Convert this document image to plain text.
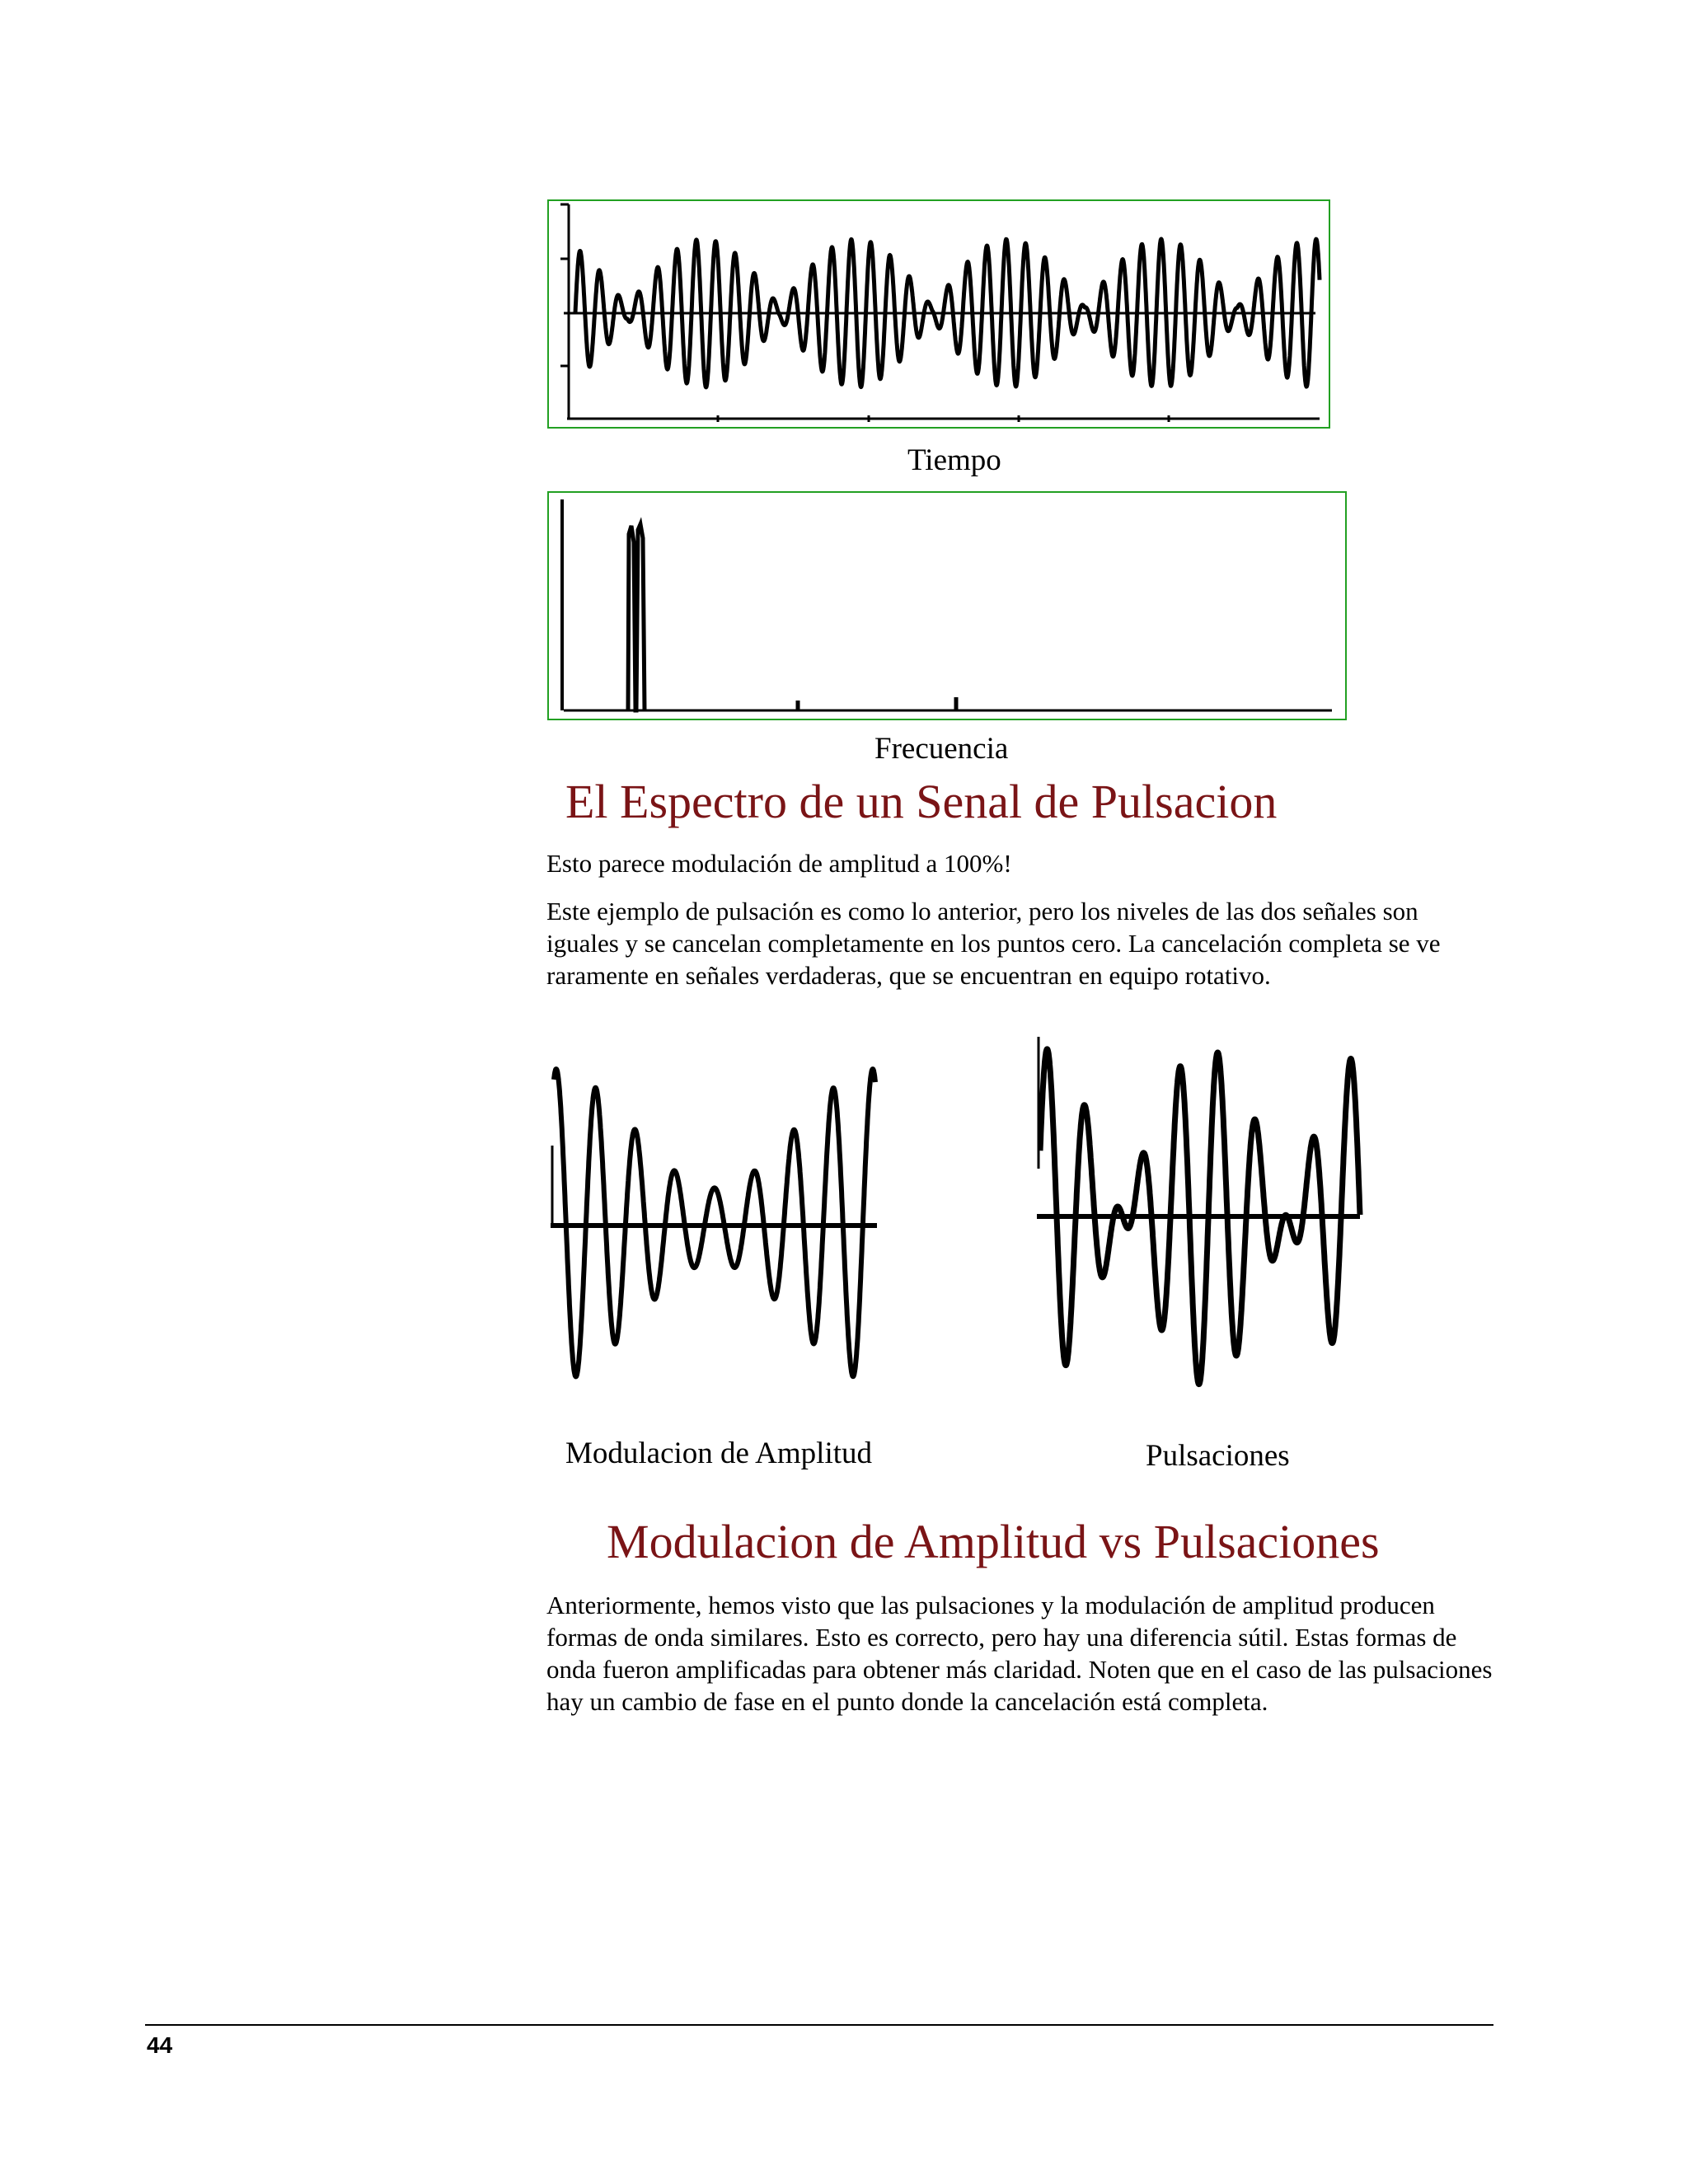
Tiempo
Frecuencia
El Espectro de un Senal de Pulsacion

Esto parece modulación de amplitud a 100%!

Este ejemplo de pulsación es como lo anterior, pero los niveles de las dos señales son iguales y se cancelan completamente en los puntos cero. La cancelación completa se ve raramente en señales verdaderas, que se encuentran en equipo rotativo.

Modulacion de Amplitud	Pulsaciones
Modulacion de Amplitud vs Pulsaciones

Anteriormente, hemos visto que las pulsaciones y la modulación de amplitud producen formas de onda similares. Esto es correcto, pero hay una diferencia sútil. Estas formas de onda fueron amplificadas para obtener más claridad. Noten que en el caso de las pulsaciones hay un cambio de fase en el punto donde la cancelación está completa.

44
